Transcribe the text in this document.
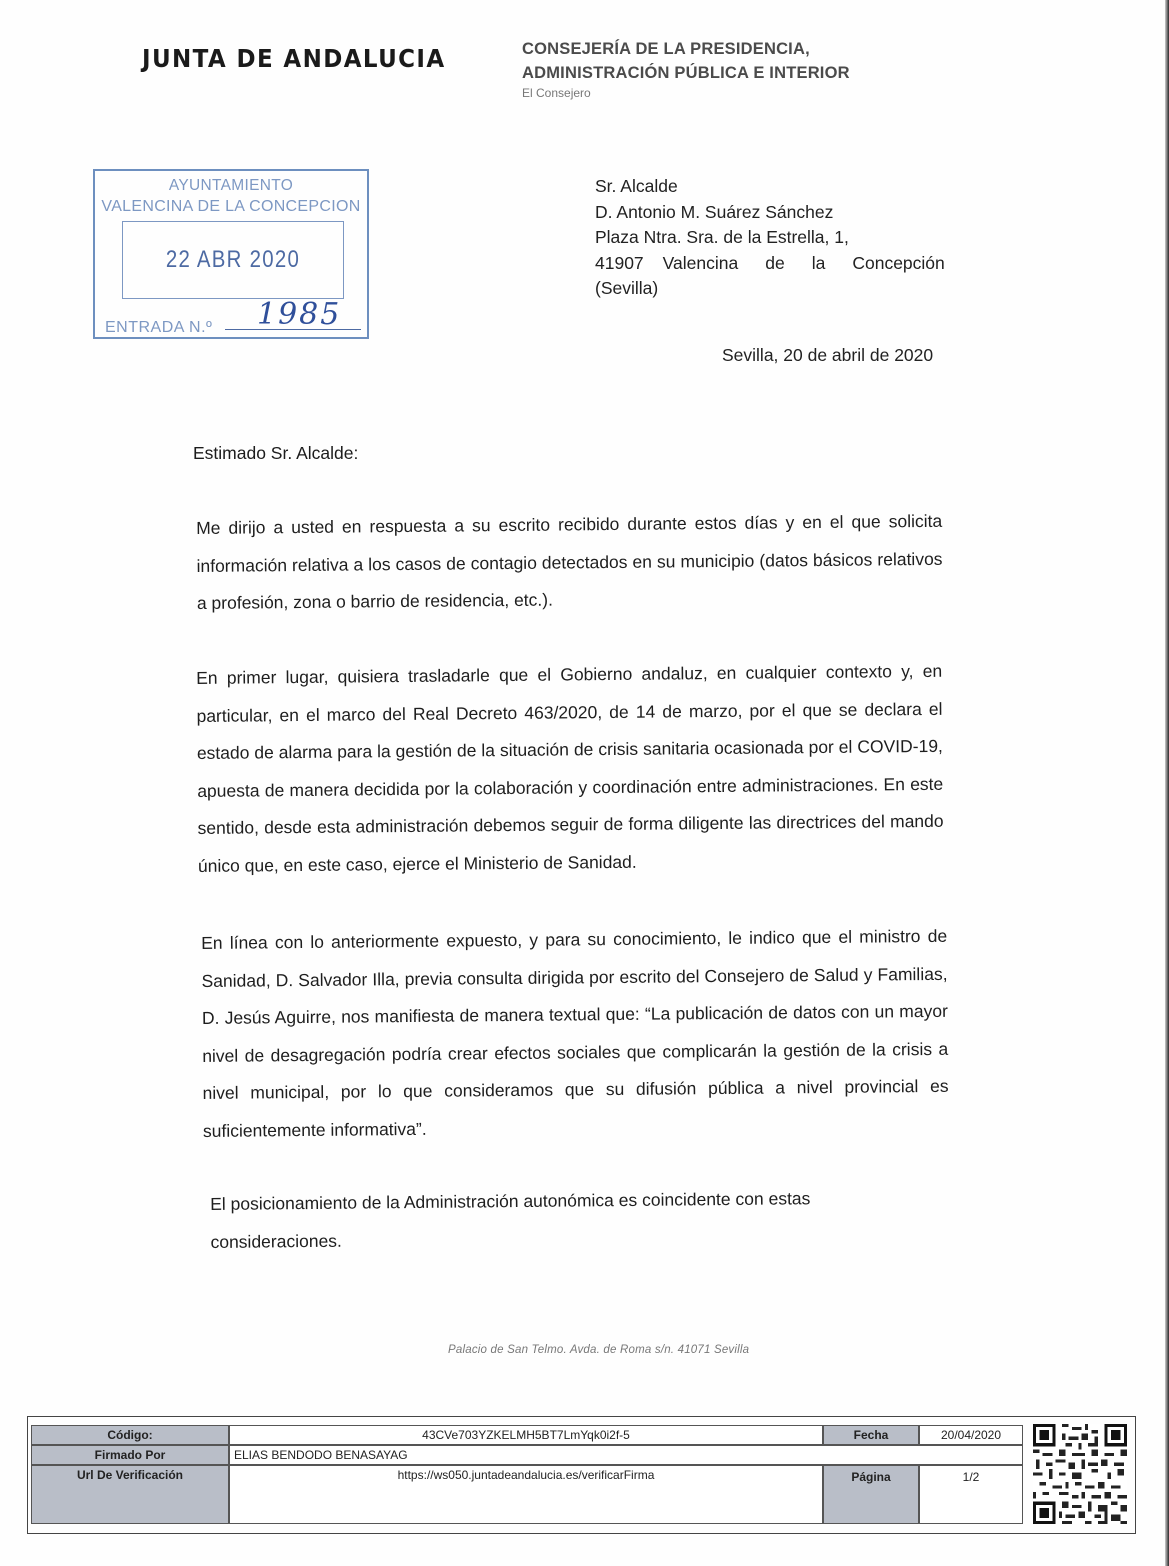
JUNTA DE ANDALUCIA	CONSEJERÍA DE LA PRESIDENCIA,
ADMINISTRACIÓN PÚBLICA E INTERIOR
El Consejero
AYUNTAMIENTO
VALENCINA DE LA CONCEPCION
22 ABR 2020
ENTRADA N.º 1985
Sr. Alcalde
D. Antonio M. Suárez Sánchez
Plaza Ntra. Sra. de la Estrella, 1,
41907 Valencina de la Concepción
(Sevilla)
Sevilla, 20 de abril de 2020
Estimado Sr. Alcalde:
Me dirijo a usted en respuesta a su escrito recibido durante estos días y en el que solicita información relativa a los casos de contagio detectados en su municipio (datos básicos relativos a profesión, zona o barrio de residencia, etc.).
En primer lugar, quisiera trasladarle que el Gobierno andaluz, en cualquier contexto y, en particular, en el marco del Real Decreto 463/2020, de 14 de marzo, por el que se declara el estado de alarma para la gestión de la situación de crisis sanitaria ocasionada por el COVID-19, apuesta de manera decidida por la colaboración y coordinación entre administraciones. En este sentido, desde esta administración debemos seguir de forma diligente las directrices del mando único que, en este caso, ejerce el Ministerio de Sanidad.
En línea con lo anteriormente expuesto, y para su conocimiento, le indico que el ministro de Sanidad, D. Salvador Illa, previa consulta dirigida por escrito del Consejero de Salud y Familias, D. Jesús Aguirre, nos manifiesta de manera textual que: “La publicación de datos con un mayor nivel de desagregación podría crear efectos sociales que complicarán la gestión de la crisis a nivel municipal, por lo que consideramos que su difusión pública a nivel provincial es suficientemente informativa”.
El posicionamiento de la Administración autonómica es coincidente con estas consideraciones.
Palacio de San Telmo. Avda. de Roma s/n. 41071 Sevilla
Código:	43CVe703YZKELMH5BT7LmYqk0i2f-5	Fecha	20/04/2020
Firmado Por	ELIAS BENDODO BENASAYAG
Url De Verificación	https://ws050.juntadeandalucia.es/verificarFirma	Página	1/2
